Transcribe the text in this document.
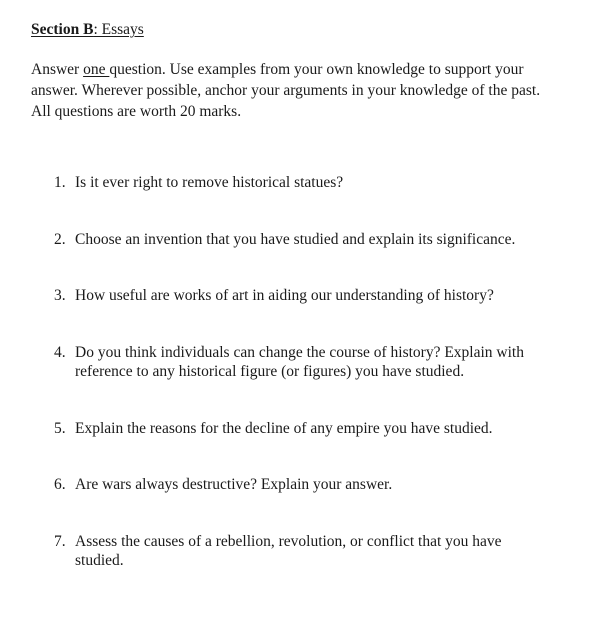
Section B: Essays
Answer one question. Use examples from your own knowledge to support your
answer. Wherever possible, anchor your arguments in your knowledge of the past.
All questions are worth 20 marks.
1. Is it ever right to remove historical statues?
2. Choose an invention that you have studied and explain its significance.
3. How useful are works of art in aiding our understanding of history?
4. Do you think individuals can change the course of history? Explain with
reference to any historical figure (or figures) you have studied.
5. Explain the reasons for the decline of any empire you have studied.
6. Are wars always destructive? Explain your answer.
7. Assess the causes of a rebellion, revolution, or conflict that you have
studied.
